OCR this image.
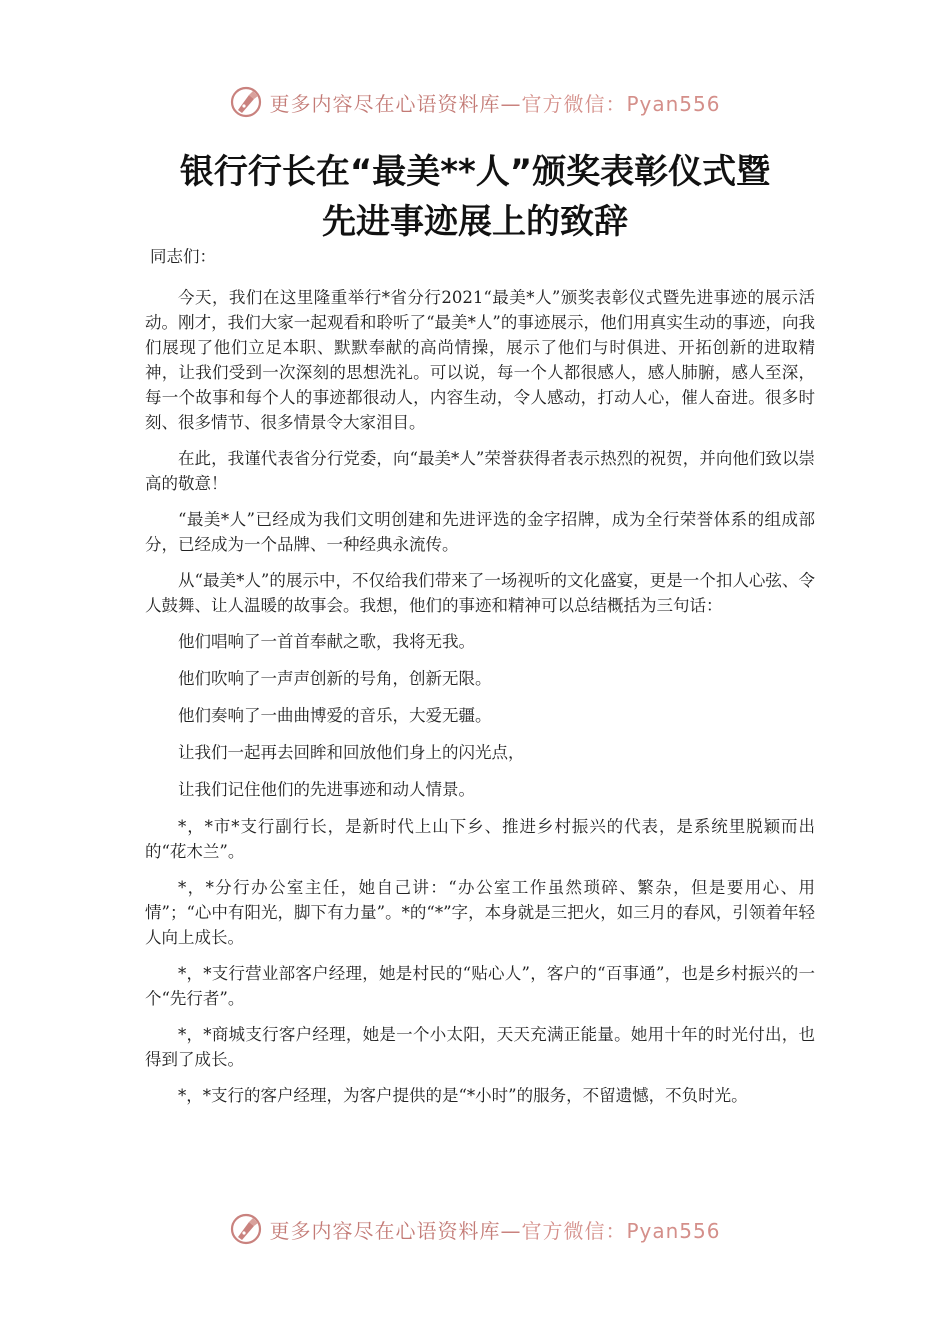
更多内容尽在心语资料库—官方微信：Pyan556
银行行长在“最美**人”颁奖表彰仪式暨
先进事迹展上的致辞

同志们：

今天，我们在这里隆重举行*省分行2021“最美*人”颁奖表彰仪式暨先进事迹的展示活动。刚才，我们大家一起观看和聆听了“最美*人”的事迹展示，他们用真实生动的事迹，向我们展现了他们立足本职、默默奉献的高尚情操，展示了他们与时俱进、开拓创新的进取精神，让我们受到一次深刻的思想洗礼。可以说，每一个人都很感人，感人肺腑，感人至深，每一个故事和每个人的事迹都很动人，内容生动，令人感动，打动人心，催人奋进。很多时刻、很多情节、很多情景令大家泪目。

在此，我谨代表省分行党委，向“最美*人”荣誉获得者表示热烈的祝贺，并向他们致以崇高的敬意！

“最美*人”已经成为我们文明创建和先进评选的金字招牌，成为全行荣誉体系的组成部分，已经成为一个品牌、一种经典永流传。

从“最美*人”的展示中，不仅给我们带来了一场视听的文化盛宴，更是一个扣人心弦、令人鼓舞、让人温暖的故事会。我想，他们的事迹和精神可以总结概括为三句话：

他们唱响了一首首奉献之歌，我将无我。

他们吹响了一声声创新的号角，创新无限。

他们奏响了一曲曲博爱的音乐，大爱无疆。

让我们一起再去回眸和回放他们身上的闪光点，

让我们记住他们的先进事迹和动人情景。

*，*市*支行副行长，是新时代上山下乡、推进乡村振兴的代表，是系统里脱颖而出的“花木兰”。

*，*分行办公室主任，她自己讲：“办公室工作虽然琐碎、繁杂，但是要用心、用情”；“心中有阳光，脚下有力量”。*的“*”字，本身就是三把火，如三月的春风，引领着年轻人向上成长。

*，*支行营业部客户经理，她是村民的“贴心人”，客户的“百事通”，也是乡村振兴的一个“先行者”。

*，*商城支行客户经理，她是一个小太阳，天天充满正能量。她用十年的时光付出，也得到了成长。

*，*支行的客户经理，为客户提供的是“*小时”的服务，不留遗憾，不负时光。

更多内容尽在心语资料库—官方微信：Pyan556
